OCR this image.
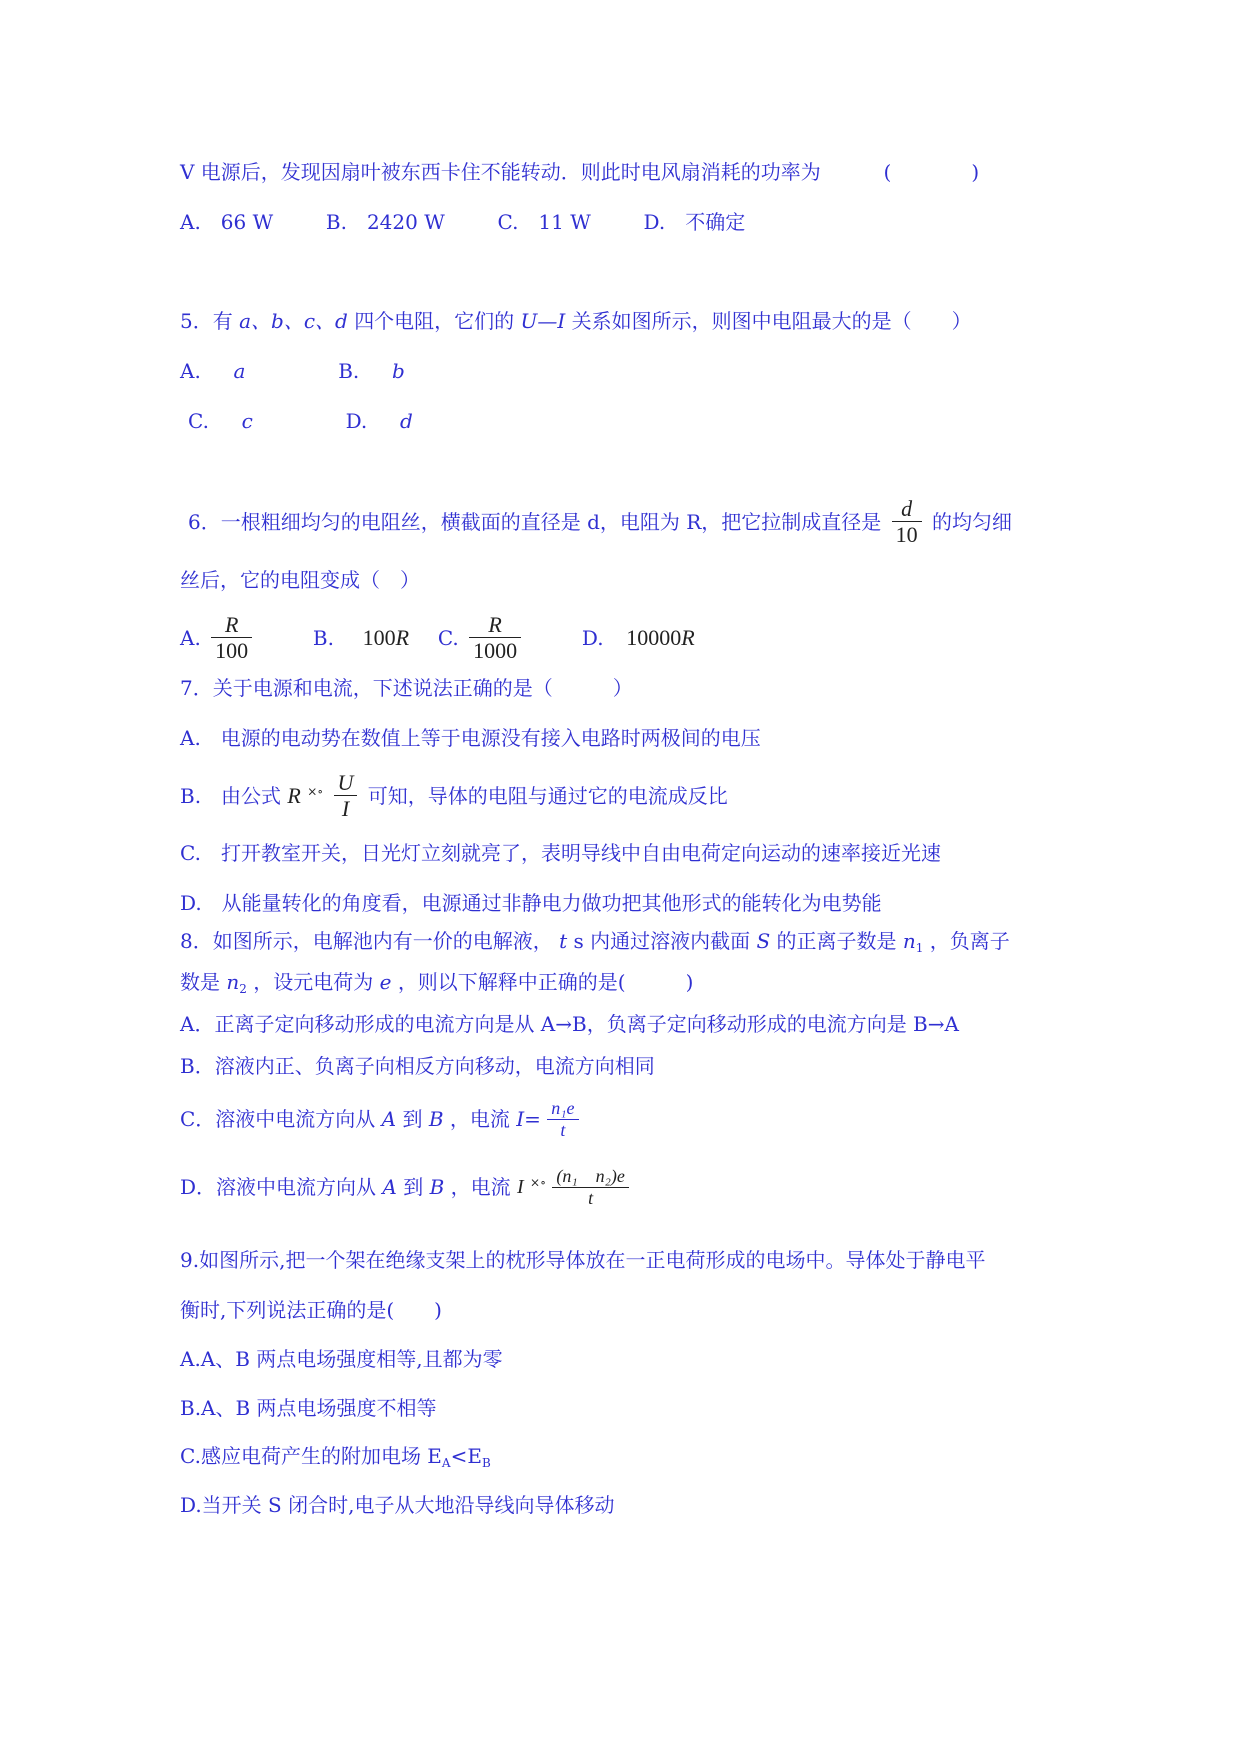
V 电源后，发现因扇叶被东西卡住不能转动．则此时电风扇消耗的功率为	(　　　　)
A.　66 W	B.　2420 W	C.　11 W	D.　不确定
5．有 a、b、c、d 四个电阻，它们的 U—I 关系如图所示，则图中电阻最大的是（　　）
A. a	B. b
C. c	D. d
6．一根粗细均匀的电阻丝，横截面的直径是 d，电阻为 R，把它拉制成直径是 $\frac{d}{10}$ 的均匀细
丝后，它的电阻变成（　）
A. $\frac{R}{100}$	B. 100R C. $\frac{R}{1000}$	D. 10000R
7．关于电源和电流，下述说法正确的是（　　　）
A.　电源的电动势在数值上等于电源没有接入电路时两极间的电压
B.　由公式 R $^{\times\circ} \frac{U}{I}$ 可知，导体的电阻与通过它的电流成反比
C.　打开教室开关，日光灯立刻就亮了，表明导线中自由电荷定向运动的速率接近光速
D.　从能量转化的角度看，电源通过非静电力做功把其他形式的能转化为电势能
8．如图所示，电解池内有一价的电解液， t s 内通过溶液内截面 S 的正离子数是 $n_1$ ，负离子
数是 $n_2$ ，设元电荷为 e ，则以下解释中正确的是(　　　)
A．正离子定向移动形成的电流方向是从 A→B，负离子定向移动形成的电流方向是 B→A
B．溶液内正、负离子向相反方向移动，电流方向相同
C．溶液中电流方向从 A 到 B ，电流 $I= \frac{\text{n₁e}}{t}$
D．溶液中电流方向从 A 到 B ，电流 I $^{\times\circ} \frac{\text{(n₁　n₂)e}}{t}$
9.如图所示,把一个架在绝缘支架上的枕形导体放在一正电荷形成的电场中。导体处于静电平
衡时,下列说法正确的是(　　)
A.A、B 两点电场强度相等,且都为零
B.A、B 两点电场强度不相等
C.感应电荷产生的附加电场 $E_A<E_B$
D.当开关 S 闭合时,电子从大地沿导线向导体移动
